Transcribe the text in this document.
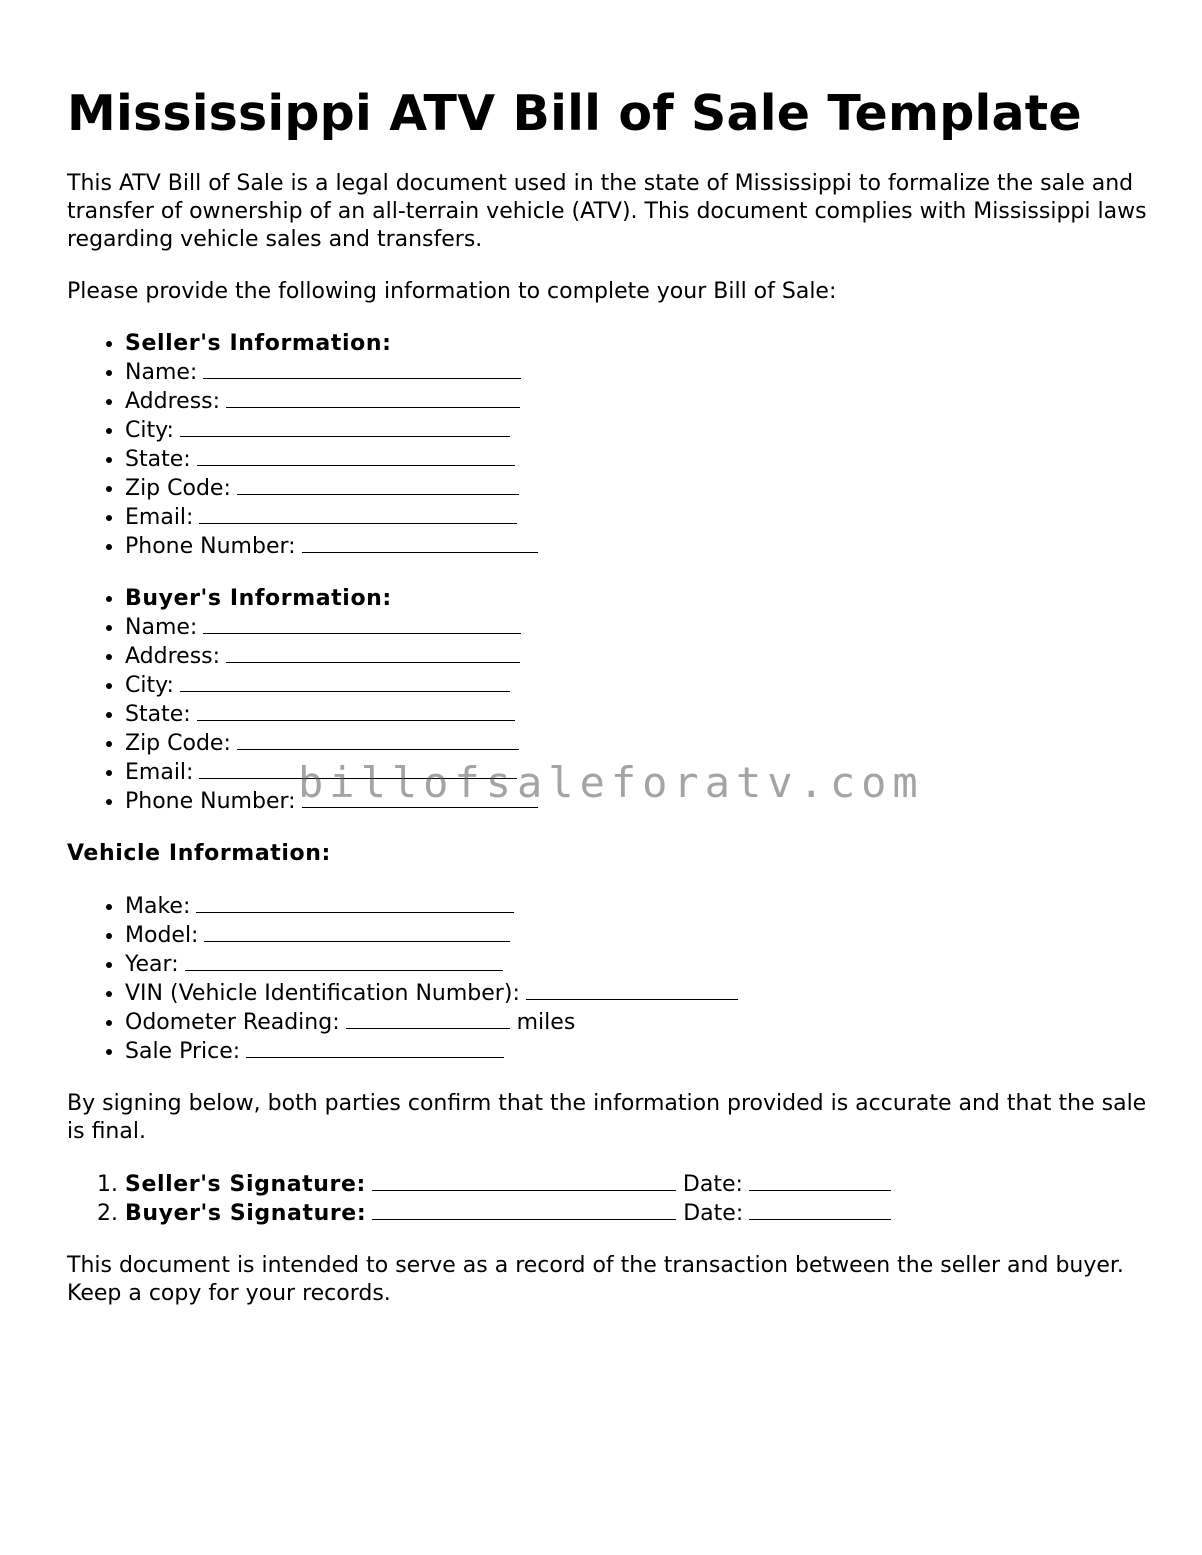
Mississippi ATV Bill of Sale Template

This ATV Bill of Sale is a legal document used in the state of Mississippi to formalize the sale and transfer of ownership of an all-terrain vehicle (ATV). This document complies with Mississippi laws regarding vehicle sales and transfers.

Please provide the following information to complete your Bill of Sale:

• Seller's Information:
• Name:
• Address:
• City:
• State:
• Zip Code:
• Email:
• Phone Number:
• Buyer's Information:
• Name:
• Address:
• City:
• State:
• Zip Code:
• Email:
• Phone Number:
Vehicle Information:
• Make:
• Model:
• Year:
• VIN (Vehicle Identification Number):
• Odometer Reading:	miles
• Sale Price:

By signing below, both parties confirm that the information provided is accurate and that the sale is final.

1. Seller's Signature:	Date:
2. Buyer's Signature:	Date:

This document is intended to serve as a record of the transaction between the seller and buyer. Keep a copy for your records.

billofsaleforatv.com
